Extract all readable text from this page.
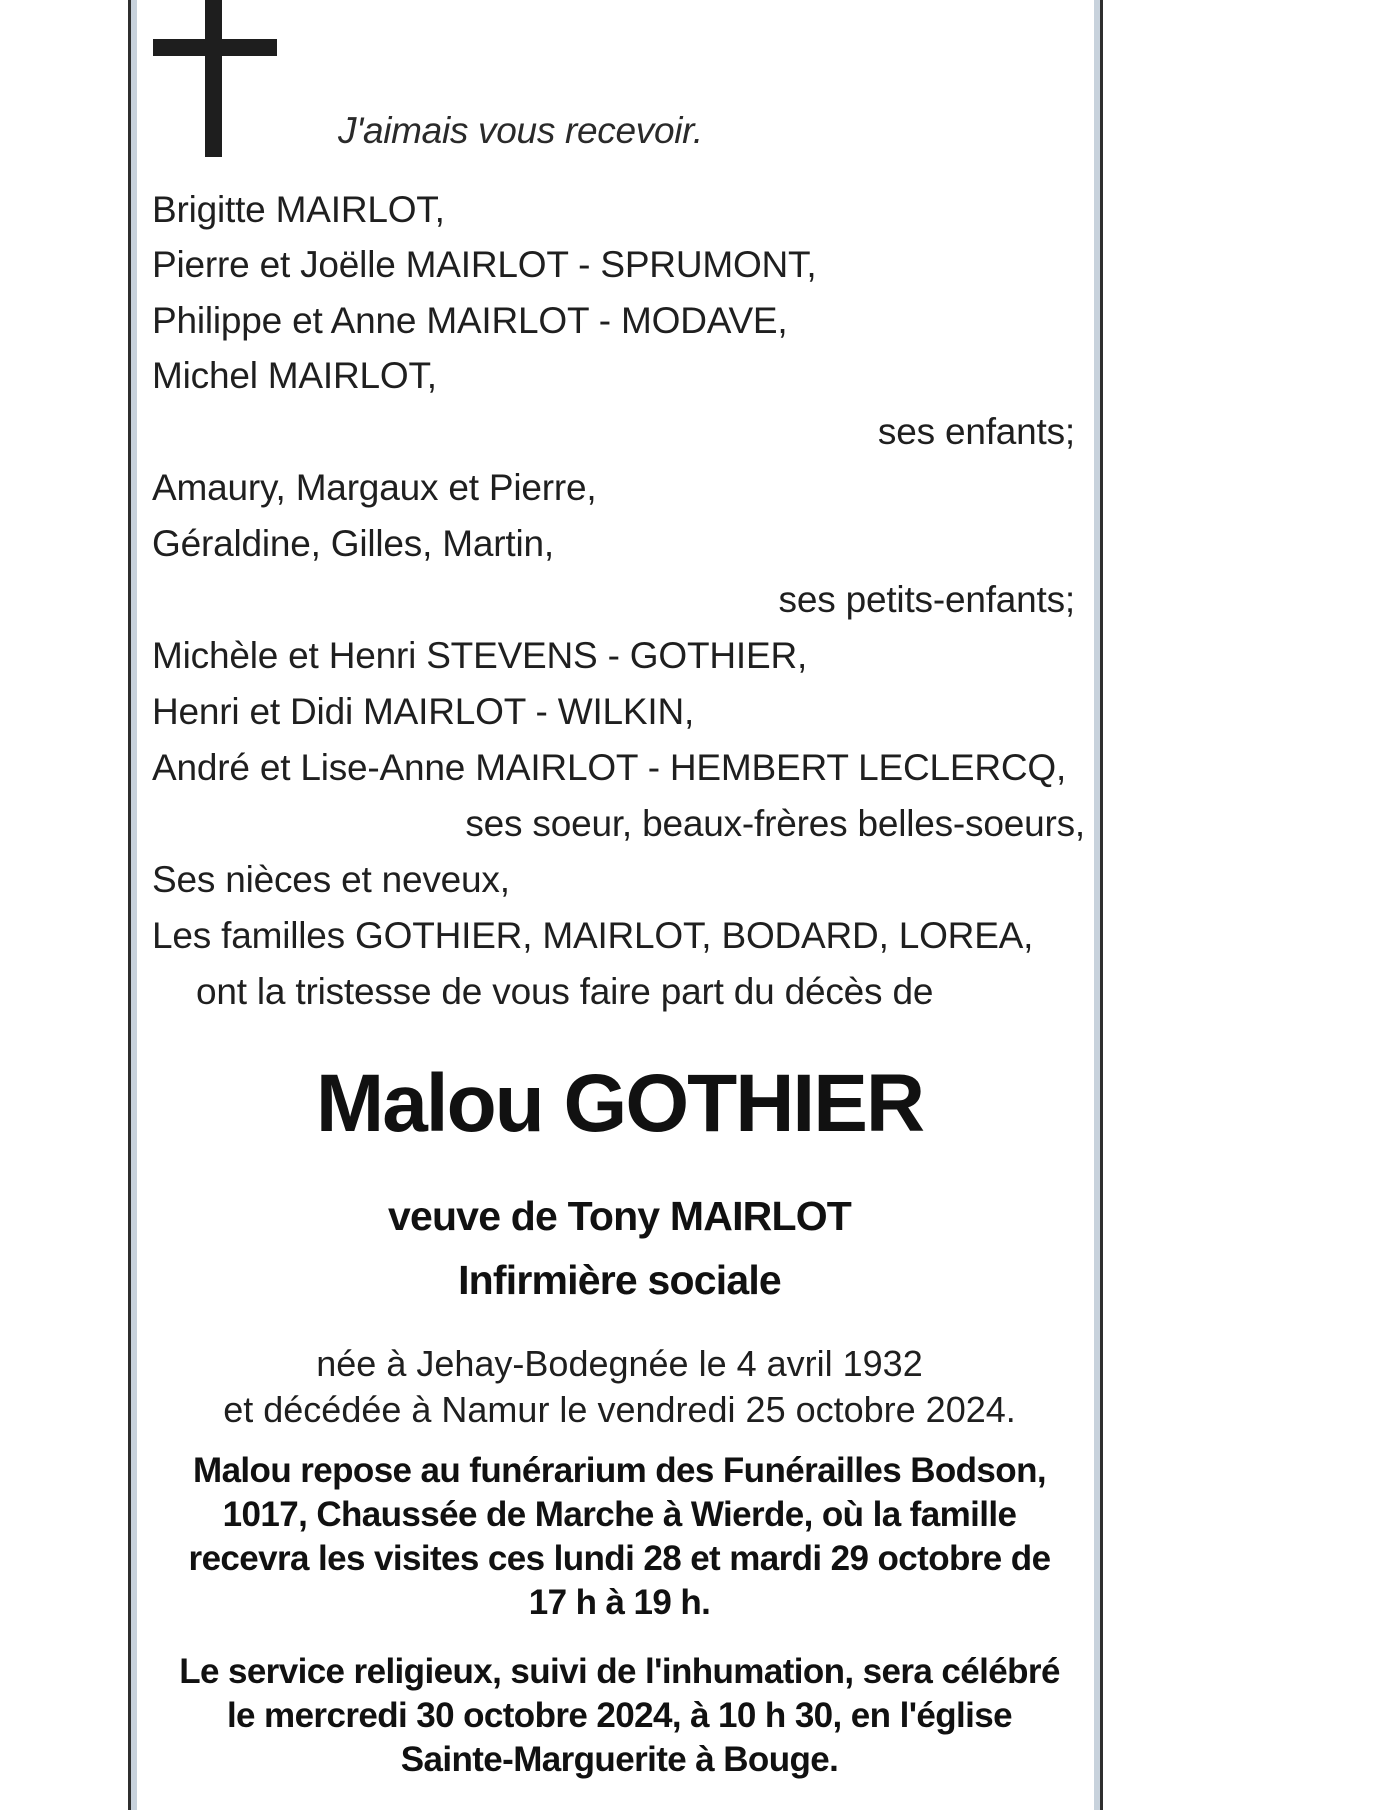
J'aimais vous recevoir.
Brigitte MAIRLOT,
Pierre et Joëlle MAIRLOT - SPRUMONT,
Philippe et Anne MAIRLOT - MODAVE,
Michel MAIRLOT,
ses enfants;
Amaury, Margaux et Pierre,
Géraldine, Gilles, Martin,
ses petits-enfants;
Michèle et Henri STEVENS - GOTHIER,
Henri et Didi MAIRLOT - WILKIN,
André et Lise-Anne MAIRLOT - HEMBERT LECLERCQ,
ses soeur, beaux-frères belles-soeurs,
Ses nièces et neveux,
Les familles GOTHIER, MAIRLOT, BODARD, LOREA,
ont la tristesse de vous faire part du décès de
Malou GOTHIER
veuve de Tony MAIRLOT
Infirmière sociale
née à Jehay-Bodegnée le 4 avril 1932
et décédée à Namur le vendredi 25 octobre 2024.
Malou repose au funérarium des Funérailles Bodson,
1017, Chaussée de Marche à Wierde, où la famille
recevra les visites ces lundi 28 et mardi 29 octobre de
17 h à 19 h.
Le service religieux, suivi de l'inhumation, sera célébré
le mercredi 30 octobre 2024, à 10 h 30, en l'église
Sainte-Marguerite à Bouge.
